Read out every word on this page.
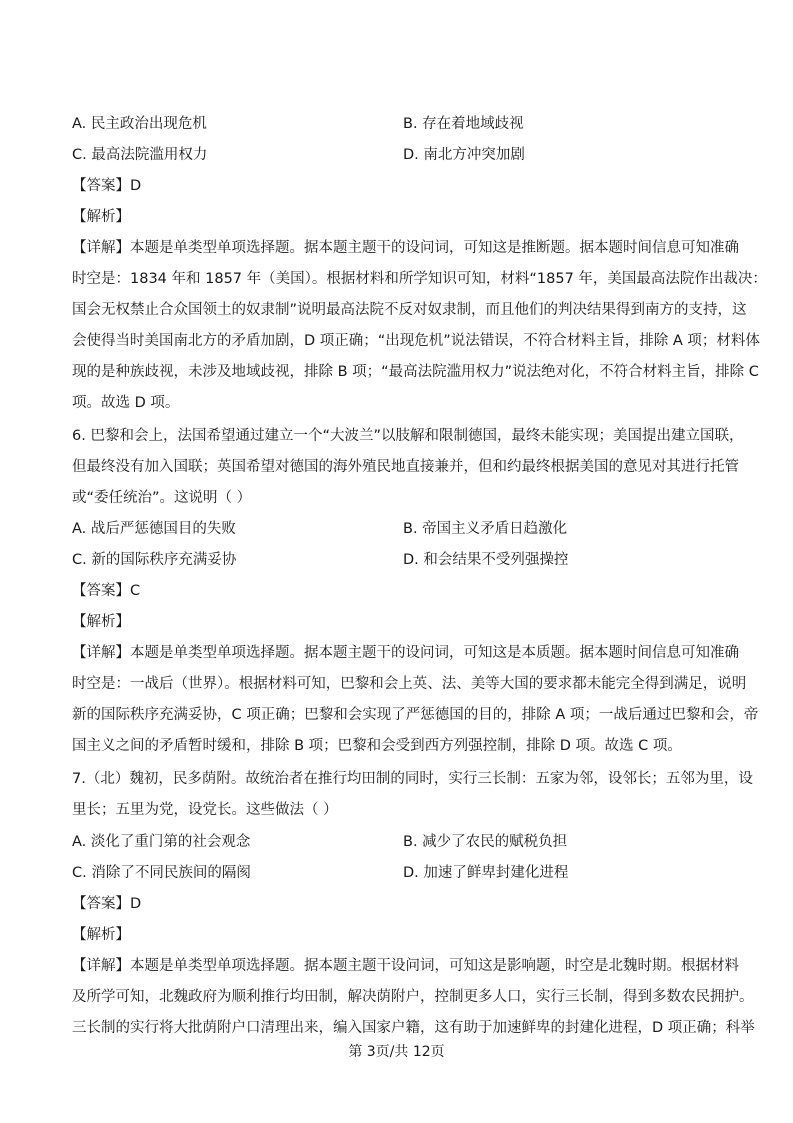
A. 民主政治出现危机	B. 存在着地域歧视
C. 最高法院滥用权力	D. 南北方冲突加剧
【答案】D
【解析】
【详解】本题是单类型单项选择题。据本题主题干的设问词，可知这是推断题。据本题时间信息可知准确
时空是：1834 年和 1857 年（美国）。根据材料和所学知识可知，材料“1857 年，美国最高法院作出裁决：
国会无权禁止合众国领土的奴隶制”说明最高法院不反对奴隶制，而且他们的判决结果得到南方的支持，这
会使得当时美国南北方的矛盾加剧，D 项正确；“出现危机”说法错误，不符合材料主旨，排除 A 项；材料体
现的是种族歧视，未涉及地域歧视，排除 B 项；“最高法院滥用权力”说法绝对化，不符合材料主旨，排除 C
项。故选 D 项。
6. 巴黎和会上，法国希望通过建立一个“大波兰”以肢解和限制德国，最终未能实现；美国提出建立国联，
但最终没有加入国联；英国希望对德国的海外殖民地直接兼并，但和约最终根据美国的意见对其进行托管
或“委任统治”。这说明（ ）
A. 战后严惩德国目的失败	B. 帝国主义矛盾日趋激化
C. 新的国际秩序充满妥协	D. 和会结果不受列强操控
【答案】C
【解析】
【详解】本题是单类型单项选择题。据本题主题干的设问词，可知这是本质题。据本题时间信息可知准确
时空是：一战后（世界）。根据材料可知，巴黎和会上英、法、美等大国的要求都未能完全得到满足，说明
新的国际秩序充满妥协，C 项正确；巴黎和会实现了严惩德国的目的，排除 A 项；一战后通过巴黎和会，帝
国主义之间的矛盾暂时缓和，排除 B 项；巴黎和会受到西方列强控制，排除 D 项。故选 C 项。
7.（北）魏初，民多荫附。故统治者在推行均田制的同时，实行三长制：五家为邻，设邻长；五邻为里，设
里长；五里为党，设党长。这些做法（ ）
A. 淡化了重门第的社会观念	B. 减少了农民的赋税负担
C. 消除了不同民族间的隔阂	D. 加速了鲜卑封建化进程
【答案】D
【解析】
【详解】本题是单类型单项选择题。据本题主题干设问词，可知这是影响题，时空是北魏时期。根据材料
及所学可知，北魏政府为顺利推行均田制，解决荫附户，控制更多人口，实行三长制，得到多数农民拥护。
三长制的实行将大批荫附户口清理出来，编入国家户籍，这有助于加速鲜卑的封建化进程，D 项正确；科举
第 3页/共 12页
